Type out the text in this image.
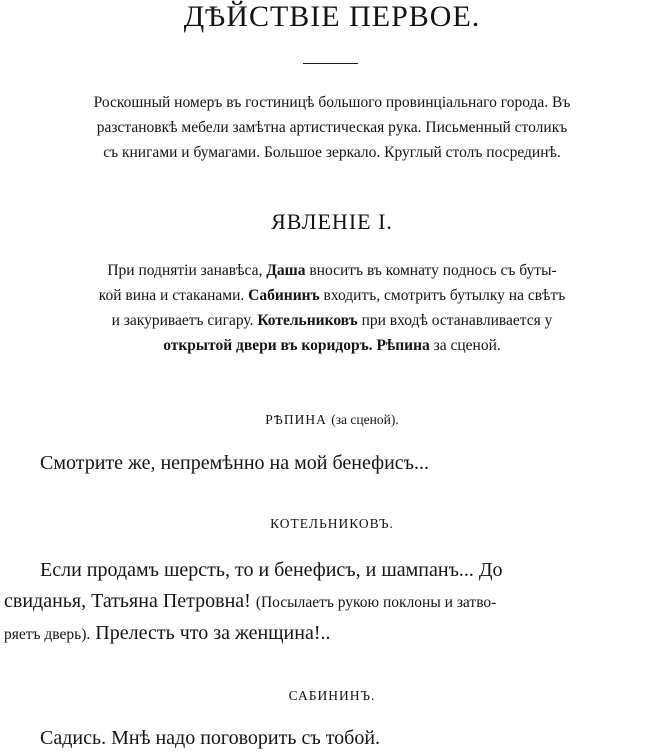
ДѢЙСТВIЕ ПЕРВОЕ.
Роскошный номеръ въ гостиницѣ большого провинцiальнаго города. Въ
разстановкѣ мебели замѣтна артистическая рука. Письменный столикъ
съ книгами и бумагами. Большое зеркало. Круглый столъ посрединѣ.
ЯВЛЕНIЕ I.
При поднятiи занавѣса, Даша вноситъ въ комнату поднось съ буты-
кой вина и стаканами. Сабининъ входитъ, смотритъ бутылку на свѣтъ
и закуриваетъ сигару. Котельниковъ при входѣ останавливается у
открытой двери въ коридоръ. Рѣпина за сценой.
РѢПИНА (за сценой).
Смотрите же, непремѣнно на мой бенефисъ...
КОТЕЛЬНИКОВЪ.
Если продамъ шерсть, то и бенефисъ, и шампанъ... До
свиданья, Татьяна Петровна! (Посылаетъ рукою поклоны и затво-
ряетъ дверь). Прелесть что за женщина!..
САБИНИНЪ.
Садись. Мнѣ надо поговорить съ тобой.
